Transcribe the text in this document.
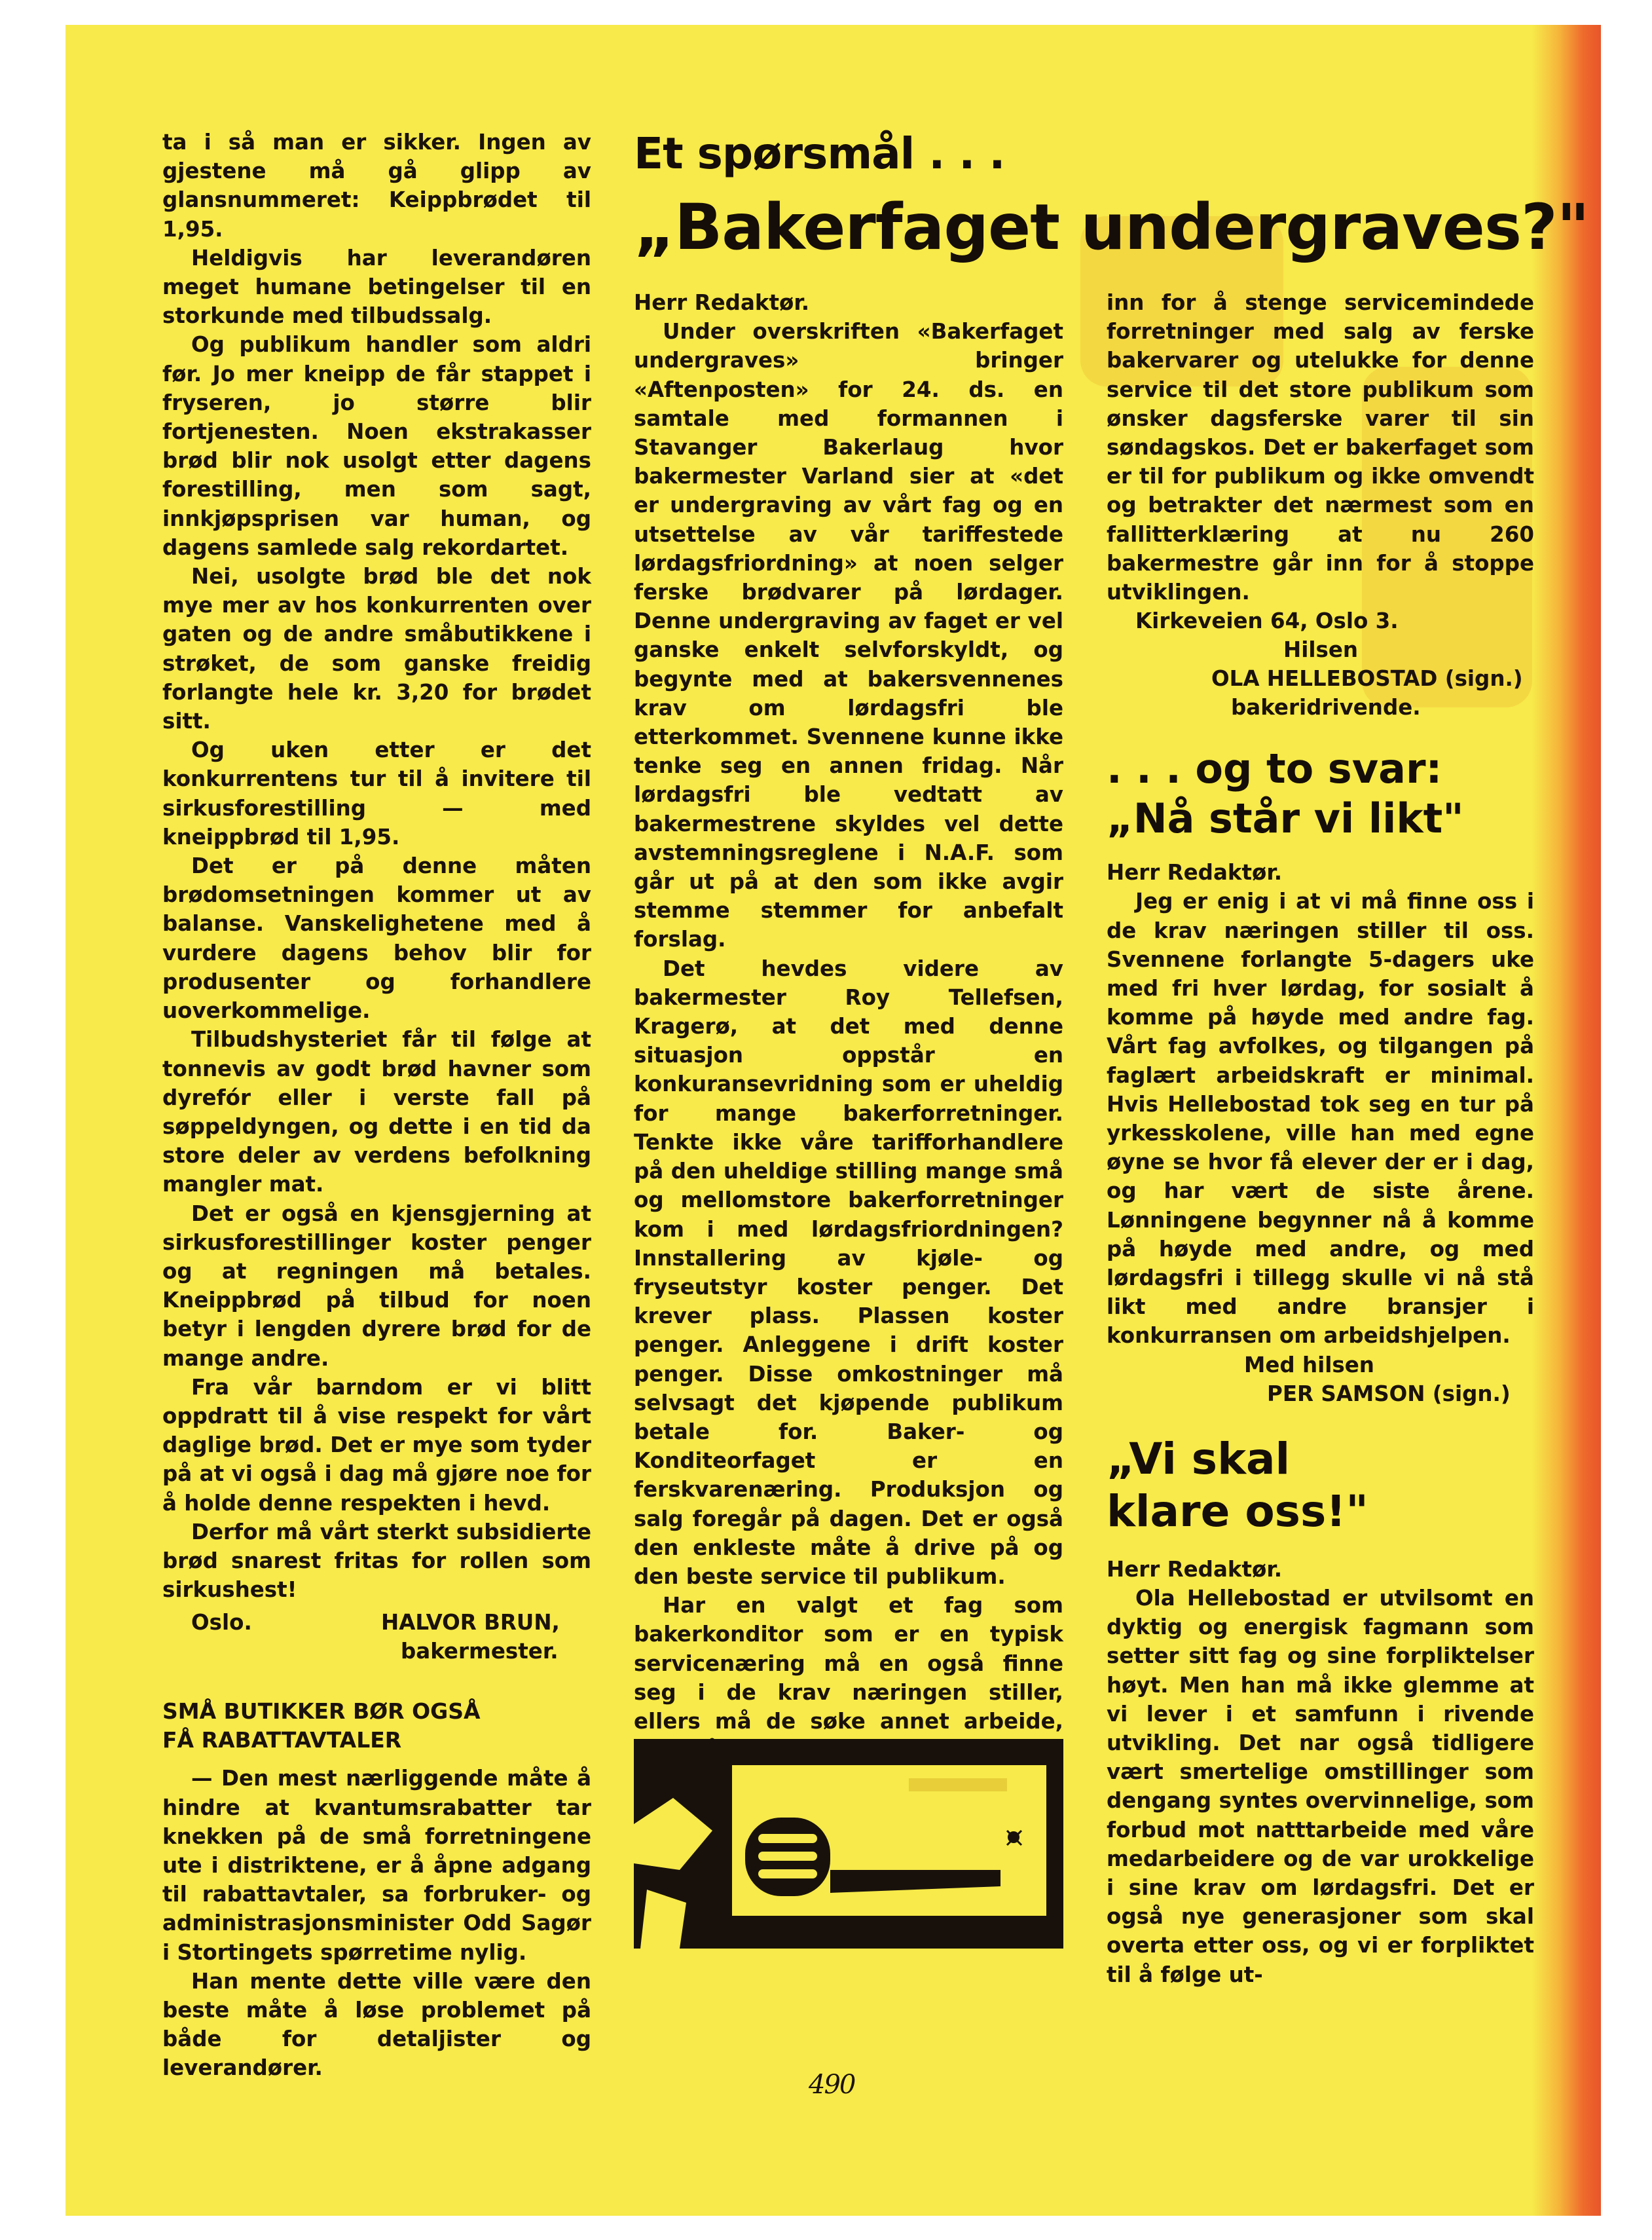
ta i så man er sikker. Ingen av gjestene må gå glipp av glansnummeret: Keippbrødet til 1,95.

Heldigvis har leverandøren meget humane betingelser til en storkunde med tilbudssalg.

Og publikum handler som aldri før. Jo mer kneipp de får stappet i fryseren, jo større blir fortjenesten. Noen ekstrakasser brød blir nok usolgt etter dagens forestilling, men som sagt, innkjøpsprisen var human, og dagens samlede salg rekordartet.

Nei, usolgte brød ble det nok mye mer av hos konkurrenten over gaten og de andre småbutikkene i strøket, de som ganske freidig forlangte hele kr. 3,20 for brødet sitt.

Og uken etter er det konkurrentens tur til å invitere til sirkusforestilling — med kneippbrød til 1,95.

Det er på denne måten brødomsetningen kommer ut av balanse. Vanskelighetene med å vurdere dagens behov blir for produsenter og forhandlere uoverkommelige.

Tilbudshysteriet får til følge at tonnevis av godt brød havner som dyrefór eller i verste fall på søppeldyngen, og dette i en tid da store deler av verdens befolkning mangler mat.

Det er også en kjensgjerning at sirkusforestillinger koster penger og at regningen må betales. Kneippbrød på tilbud for noen betyr i lengden dyrere brød for de mange andre.

Fra vår barndom er vi blitt oppdratt til å vise respekt for vårt daglige brød. Det er mye som tyder på at vi også i dag må gjøre noe for å holde denne respekten i hevd.

Derfor må vårt sterkt subsidierte brød snarest fritas for rollen som sirkushest!

Oslo.	HALVOR BRUN,
bakermester.
SMÅ BUTIKKER BØR OGSÅ
FÅ RABATTAVTALER

— Den mest nærliggende måte å hindre at kvantumsrabatter tar knekken på de små forretningene ute i distriktene, er å åpne adgang til rabattavtaler, sa forbruker- og administrasjonsminister Odd Sagør i Stortingets spørretime nylig.

Han mente dette ville være den beste måte å løse problemet på både for detaljister og leverandører.

Et spørsmål . . .
„Bakerfaget undergraves?"

Herr Redaktør.

Under overskriften «Bakerfaget undergraves» bringer «Aftenposten» for 24. ds. en samtale med formannen i Stavanger Bakerlaug hvor bakermester Varland sier at «det er undergraving av vårt fag og en utsettelse av vår tariffestede lørdagsfriordning» at noen selger ferske brødvarer på lørdager. Denne undergraving av faget er vel ganske enkelt selvforskyldt, og begynte med at bakersvennenes krav om lørdagsfri ble etterkommet. Svennene kunne ikke tenke seg en annen fridag. Når lørdagsfri ble vedtatt av bakermestrene skyldes vel dette avstemningsreglene i N.A.F. som går ut på at den som ikke avgir stemme stemmer for anbefalt forslag.

Det hevdes videre av bakermester Roy Tellefsen, Kragerø, at det med denne situasjon oppstår en konkuransevridning som er uheldig for mange bakerforretninger. Tenkte ikke våre tarifforhandlere på den uheldige stilling mange små og mellomstore bakerforretninger kom i med lørdagsfriordningen? Innstallering av kjøle- og fryseutstyr koster penger. Det krever plass. Plassen koster penger. Anleggene i drift koster penger. Disse omkostninger må selvsagt det kjøpende publikum betale for. Baker- og Konditeorfaget er en ferskvarenæring. Produksjon og salg foregår på dagen. Det er også den enkleste måte å drive på og den beste service til publikum.

Har en valgt et fag som bakerkonditor som er en typisk servicenæring må en også finne seg i de krav næringen stiller, ellers må de søke annet arbeide,

inn for å stenge servicemindede forretninger med salg av ferske bakervarer og utelukke for denne service til det store publikum som ønsker dagsferske varer til sin søndagskos. Det er bakerfaget som er til for publikum og ikke omvendt og betrakter det nærmest som en fallitterklæring at nu 260 bakermestre går inn for å stoppe utviklingen.

Kirkeveien 64, Oslo 3.
Hilsen
OLA HELLEBOSTAD (sign.)
bakeridrivende.
. . . og to svar:
„Nå står vi likt"

Herr Redaktør.

Jeg er enig i at vi må finne oss i de krav næringen stiller til oss. Svennene forlangte 5-dagers uke med fri hver lørdag, for sosialt å komme på høyde med andre fag. Vårt fag avfolkes, og tilgangen på faglært arbeidskraft er minimal. Hvis Hellebostad tok seg en tur på yrkesskolene, ville han med egne øyne se hvor få elever der er i dag, og har vært de siste årene. Lønningene begynner nå å komme på høyde med andre, og med lørdagsfri i tillegg skulle vi nå stå likt med andre bransjer i konkurransen om arbeidshjelpen.

Med hilsen
PER SAMSON (sign.)
„Vi skal
klare oss!"

Herr Redaktør.

Ola Hellebostad er utvilsomt en dyktig og energisk fagmann som setter sitt fag og sine forpliktelser høyt. Men han må ikke glemme at vi lever i et samfunn i rivende utvikling. Det nar også tidligere vært smertelige omstillinger som dengang syntes overvinnelige, som forbud mot natttarbeide med våre medarbeidere og de var urokkelige i sine krav om lørdagsfri. Det er også nye generasjoner som skal overta etter oss, og vi er forpliktet til å følge ut-

490
